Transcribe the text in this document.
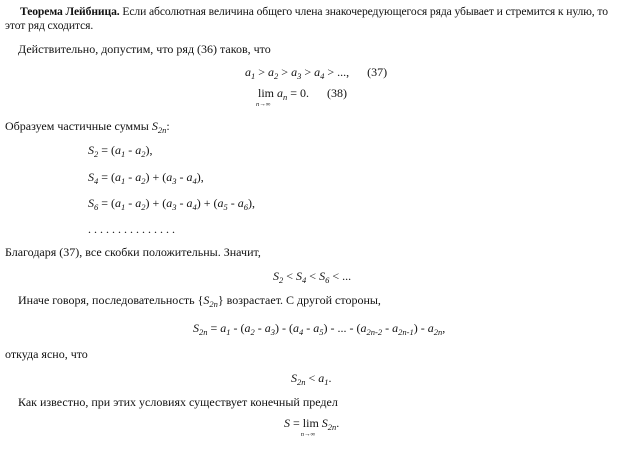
Теорема Лейбница. Если абсолютная величина общего члена знакочередующегося ряда убывает и стремится к нулю, то этот ряд сходится.
Действительно, допустим, что ряд (36) таков, что
$a_1 > a_2 > a_3 > a_4$ > ..., (37)
lim
n→∞
$a_n = 0$. (38)
Образуем частичные суммы $S_{2n}$:
$S_2 = (a_1 - a_2)$,
$S_4 = (a_1 - a_2) + (a_3 - a_4)$,
$S_6 = (a_1 - a_2) + (a_3 - a_4) + (a_5 - a_6)$,
. . . . . . . . . . . . . . .
Благодаря (37), все скобки положительны. Значит,
$S_2 < S_4 < S_6$ < ...
Иначе говоря, последовательность $\{S_{2n}\}$ возрастает. С другой стороны,
$S_{2n} = a_1 - (a_2 - a_3) - (a_4 - a_5)$ - ... - $(a_{2n-2} - a_{2n-1}) - a_{2n}$,
откуда ясно, что
$S_{2n} < a_1$.
Как известно, при этих условиях существует конечный предел
S = lim
n→∞
$S_{2n}$.
